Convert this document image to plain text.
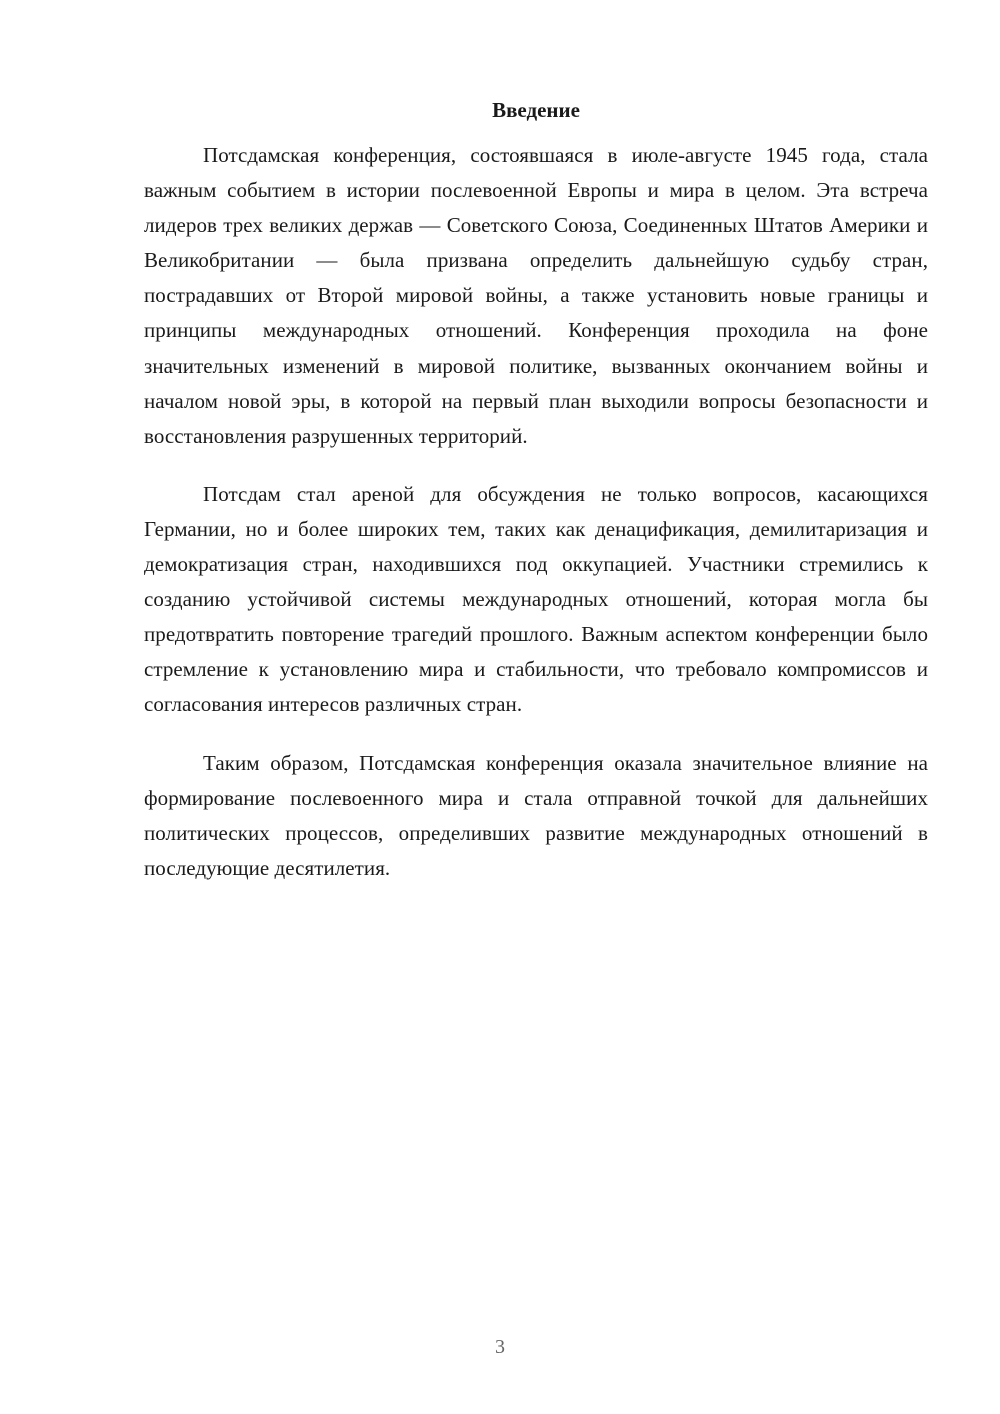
Введение

Потсдамская конференция, состоявшаяся в июле-августе 1945 года, стала важным событием в истории послевоенной Европы и мира в целом. Эта встреча лидеров трех великих держав — Советского Союза, Соединенных Штатов Америки и Великобритании — была призвана определить дальнейшую судьбу стран, пострадавших от Второй мировой войны, а также установить новые границы и принципы международных отношений. Конференция проходила на фоне значительных изменений в мировой политике, вызванных окончанием войны и началом новой эры, в которой на первый план выходили вопросы безопасности и восстановления разрушенных территорий.

Потсдам стал ареной для обсуждения не только вопросов, касающихся Германии, но и более широких тем, таких как денацификация, демилитаризация и демократизация стран, находившихся под оккупацией. Участники стремились к созданию устойчивой системы международных отношений, которая могла бы предотвратить повторение трагедий прошлого. Важным аспектом конференции было стремление к установлению мира и стабильности, что требовало компромиссов и согласования интересов различных стран.

Таким образом, Потсдамская конференция оказала значительное влияние на формирование послевоенного мира и стала отправной точкой для дальнейших политических процессов, определивших развитие международных отношений в последующие десятилетия.

3
